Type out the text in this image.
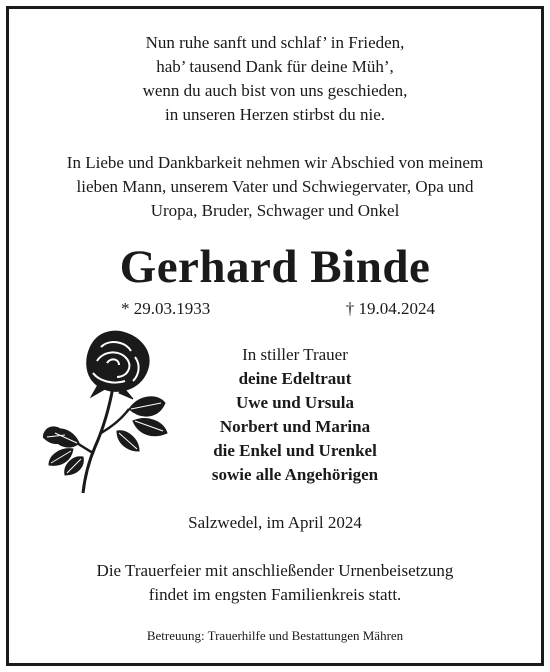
Nun ruhe sanft und schlaf’ in Frieden,
hab’ tausend Dank für deine Müh’,
wenn du auch bist von uns geschieden,
in unseren Herzen stirbst du nie.
In Liebe und Dankbarkeit nehmen wir Abschied von meinem
lieben Mann, unserem Vater und Schwiegervater, Opa und
Uropa, Bruder, Schwager und Onkel
Gerhard Binde
* 29.03.1933	† 19.04.2024
In stiller Trauer
deine Edeltraut
Uwe und Ursula
Norbert und Marina
die Enkel und Urenkel
sowie alle Angehörigen
Salzwedel, im April 2024
Die Trauerfeier mit anschließender Urnenbeisetzung
findet im engsten Familienkreis statt.
Betreuung: Trauerhilfe und Bestattungen Mähren
